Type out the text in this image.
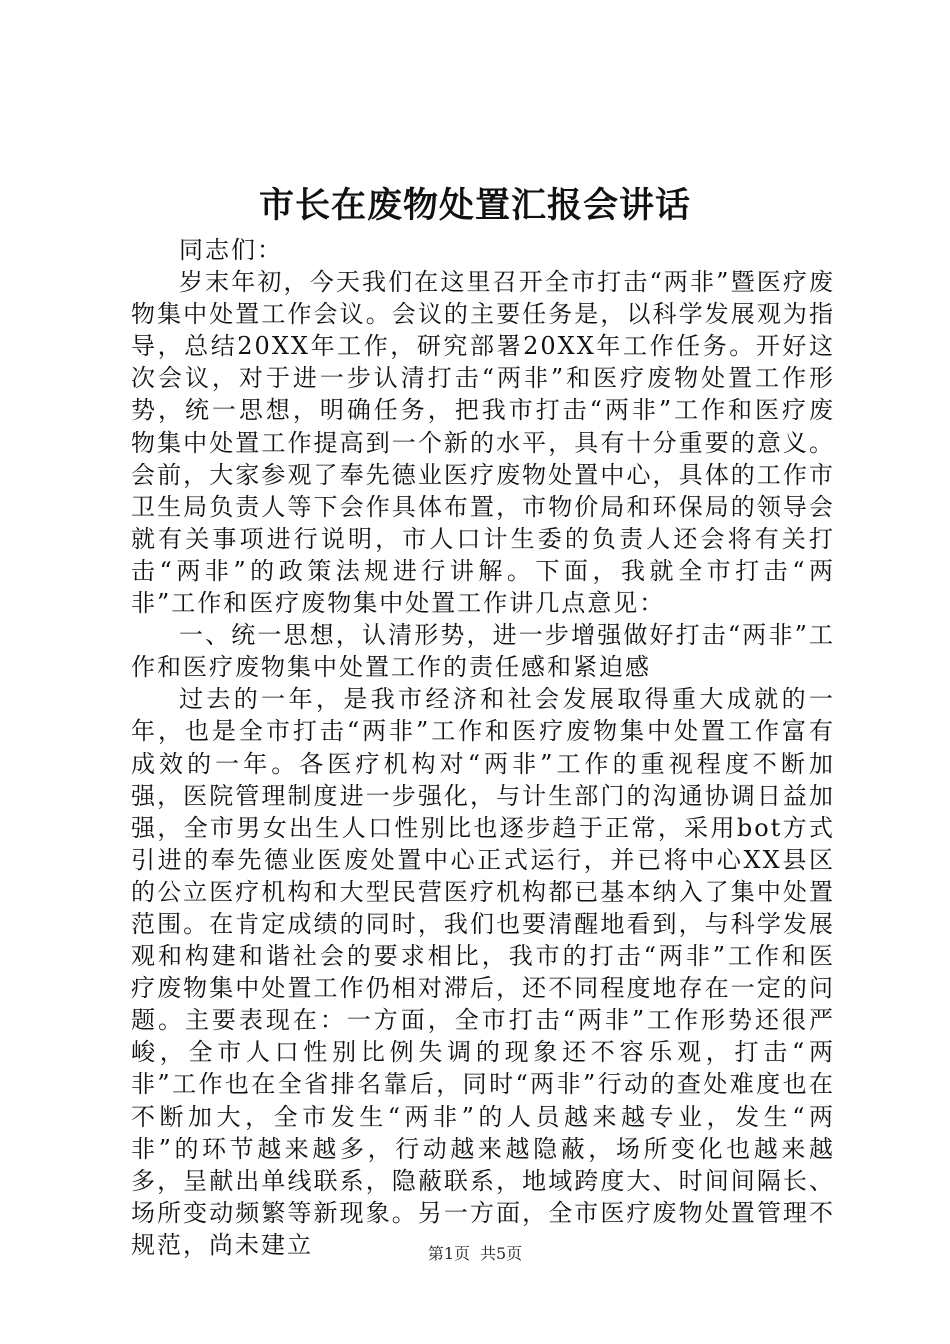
市长在废物处置汇报会讲话

同志们：

岁末年初，今天我们在这里召开全市打击“两非”暨医疗废物集中处置工作会议。会议的主要任务是，以科学发展观为指导，总结20XX年工作，研究部署20XX年工作任务。开好这次会议，对于进一步认清打击“两非”和医疗废物处置工作形势，统一思想，明确任务，把我市打击“两非”工作和医疗废物集中处置工作提高到一个新的水平，具有十分重要的意义。会前，大家参观了奉先德业医疗废物处置中心，具体的工作市卫生局负责人等下会作具体布置，市物价局和环保局的领导会就有关事项进行说明，市人口计生委的负责人还会将有关打击“两非”的政策法规进行讲解。下面，我就全市打击“两非”工作和医疗废物集中处置工作讲几点意见：

一、统一思想，认清形势，进一步增强做好打击“两非”工作和医疗废物集中处置工作的责任感和紧迫感

过去的一年，是我市经济和社会发展取得重大成就的一年，也是全市打击“两非”工作和医疗废物集中处置工作富有成效的一年。各医疗机构对“两非”工作的重视程度不断加强，医院管理制度进一步强化，与计生部门的沟通协调日益加强，全市男女出生人口性别比也逐步趋于正常，采用bot方式引进的奉先德业医废处置中心正式运行，并已将中心XX县区的公立医疗机构和大型民营医疗机构都已基本纳入了集中处置范围。在肯定成绩的同时，我们也要清醒地看到，与科学发展观和构建和谐社会的要求相比，我市的打击“两非”工作和医疗废物集中处置工作仍相对滞后，还不同程度地存在一定的问题。主要表现在：一方面，全市打击“两非”工作形势还很严峻，全市人口性别比例失调的现象还不容乐观，打击“两非”工作也在全省排名靠后，同时“两非”行动的查处难度也在不断加大，全市发生“两非”的人员越来越专业，发生“两非”的环节越来越多，行动越来越隐蔽，场所变化也越来越多，呈献出单线联系，隐蔽联系，地域跨度大、时间间隔长、场所变动频繁等新现象。另一方面，全市医疗废物处置管理不规范，尚未建立	第1页 共5页
